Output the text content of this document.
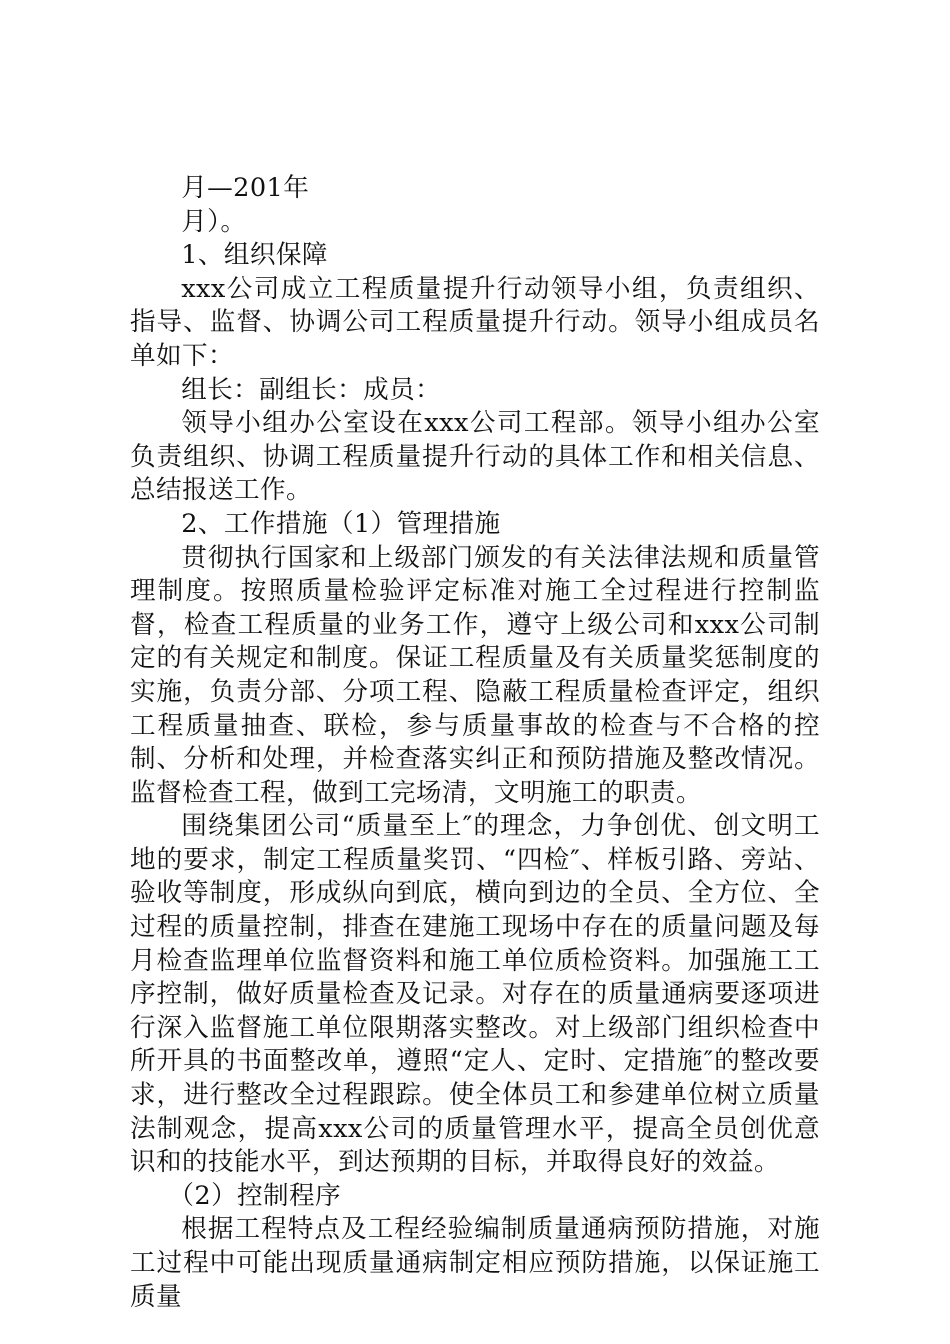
月—201年

月）。

1、组织保障

xxx公司成立工程质量提升行动领导小组，负责组织、指导、监督、协调公司工程质量提升行动。领导小组成员名单如下：

组长：副组长：成员：

领导小组办公室设在xxx公司工程部。领导小组办公室负责组织、协调工程质量提升行动的具体工作和相关信息、总结报送工作。

2、工作措施（1）管理措施

贯彻执行国家和上级部门颁发的有关法律法规和质量管理制度。按照质量检验评定标准对施工全过程进行控制监督，检查工程质量的业务工作，遵守上级公司和xxx公司制定的有关规定和制度。保证工程质量及有关质量奖惩制度的实施，负责分部、分项工程、隐蔽工程质量检查评定，组织工程质量抽查、联检，参与质量事故的检查与不合格的控制、分析和处理，并检查落实纠正和预防措施及整改情况。监督检查工程，做到工完场清，文明施工的职责。

围绕集团公司“质量至上″的理念，力争创优、创文明工地的要求，制定工程质量奖罚、“四检″、样板引路、旁站、验收等制度，形成纵向到底，横向到边的全员、全方位、全过程的质量控制，排查在建施工现场中存在的质量问题及每月检查监理单位监督资料和施工单位质检资料。加强施工工序控制，做好质量检查及记录。对存在的质量通病要逐项进行深入监督施工单位限期落实整改。对上级部门组织检查中所开具的书面整改单，遵照“定人、定时、定措施″的整改要求，进行整改全过程跟踪。使全体员工和参建单位树立质量法制观念，提高xxx公司的质量管理水平，提高全员创优意识和的技能水平，到达预期的目标，并取得良好的效益。

（2）控制程序

根据工程特点及工程经验编制质量通病预防措施，对施工过程中可能出现质量通病制定相应预防措施，以保证施工质量
